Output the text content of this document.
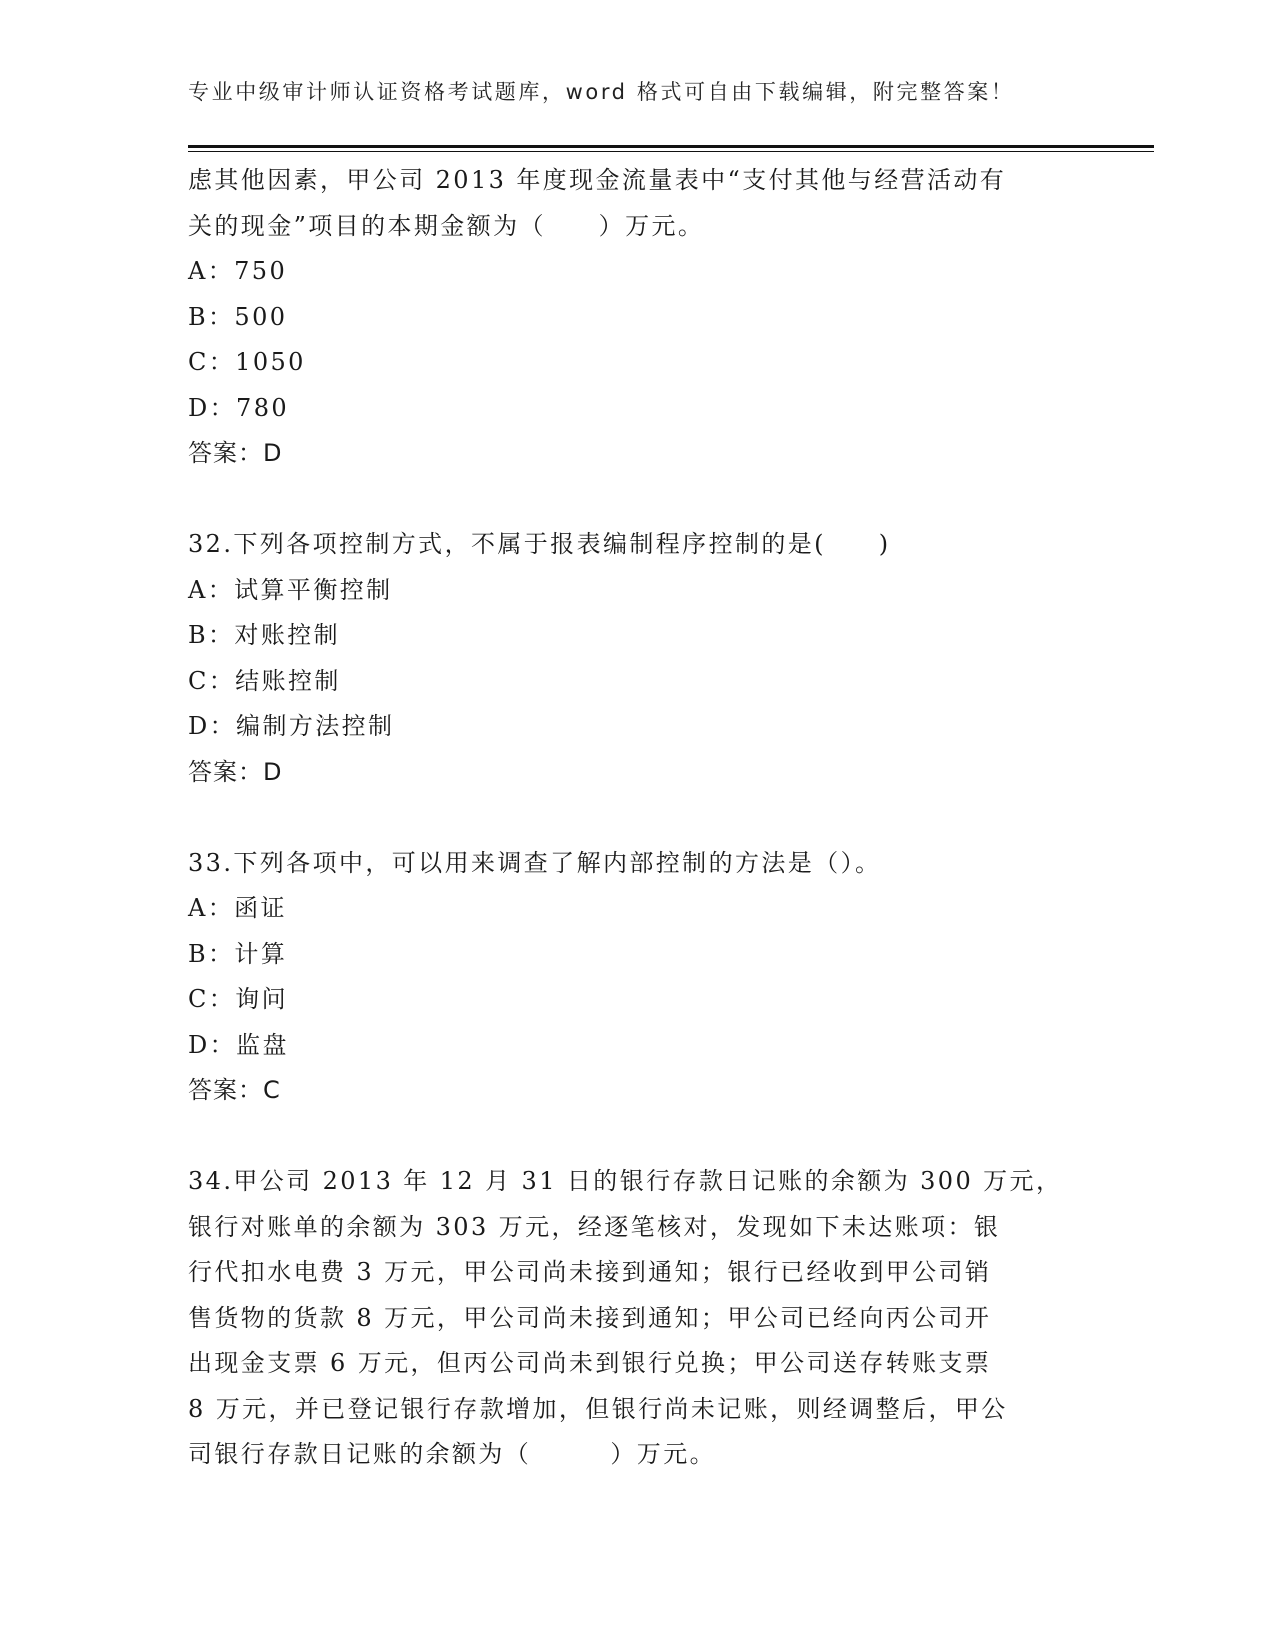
专业中级审计师认证资格考试题库，word 格式可自由下载编辑，附完整答案！
虑其他因素，甲公司 2013 年度现金流量表中“支付其他与经营活动有
关的现金”项目的本期金额为（　　）万元。
A：750
B：500
C：1050
D：780
答案：D
32.下列各项控制方式，不属于报表编制程序控制的是(　　)
A：试算平衡控制
B：对账控制
C：结账控制
D：编制方法控制
答案：D
33.下列各项中，可以用来调查了解内部控制的方法是（）。
A：函证
B：计算
C：询问
D：监盘
答案：C
34.甲公司 2013 年 12 月 31 日的银行存款日记账的余额为 300 万元，
银行对账单的余额为 303 万元，经逐笔核对，发现如下未达账项：银
行代扣水电费 3 万元，甲公司尚未接到通知；银行已经收到甲公司销
售货物的货款 8 万元，甲公司尚未接到通知；甲公司已经向丙公司开
出现金支票 6 万元，但丙公司尚未到银行兑换；甲公司送存转账支票
8 万元，并已登记银行存款增加，但银行尚未记账，则经调整后，甲公
司银行存款日记账的余额为（　　　）万元。
